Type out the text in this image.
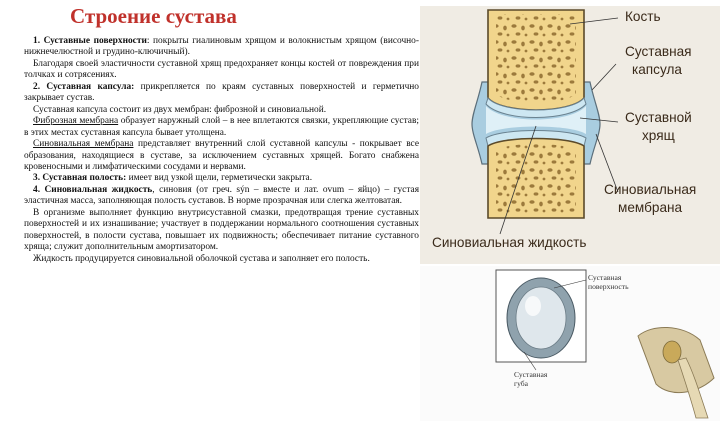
Строение сустава

1. Суставные поверхности: покрыты гиалиновым хрящом и волокнистым хрящом (височно-нижнечелюстной и грудино-ключичный).

Благодаря своей эластичности суставной хрящ предохраняет концы костей от повреждения при толчках и сотрясениях.

2. Суставная капсула: прикрепляется по краям суставных поверхностей и герметично закрывает сустав.

Суставная капсула состоит из двух мембран: фиброзной и синовиальной.

Фиброзная мембрана образует наружный слой – в нее вплетаются связки, укрепляющие сустав; в этих местах суставная капсула бывает утолщена.

Синовиальная мембрана представляет внутренний слой суставной капсулы - покрывает все образования, находящиеся в суставе, за исключением суставных хрящей. Богато снабжена кровеносными и лимфатическими сосудами и нервами.

3. Суставная полость: имеет вид узкой щели, герметически закрыта.

4. Синовиальная жидкость, синовия (от греч. sýn – вместе и лат. ovum – яйцо) – густая эластичная масса, заполняющая полость суставов. В норме прозрачная или слегка желтоватая.

В организме выполняет функцию внутрисуставной смазки, предотвращая трение суставных поверхностей и их изнашивание; участвует в поддержании нормального соотношения суставных поверхностей, в полости сустава, повышает их подвижность; обеспечивает питание суставного хряща; служит дополнительным амортизатором.

Жидкость продуцируется синовиальной оболочкой сустава и заполняет его полость.

Кость
Суставная
капсула
Суставной
хрящ
Синовиальная
мембрана
Синовиальная жидкость
Суставная
поверхность
Суставная
губа
